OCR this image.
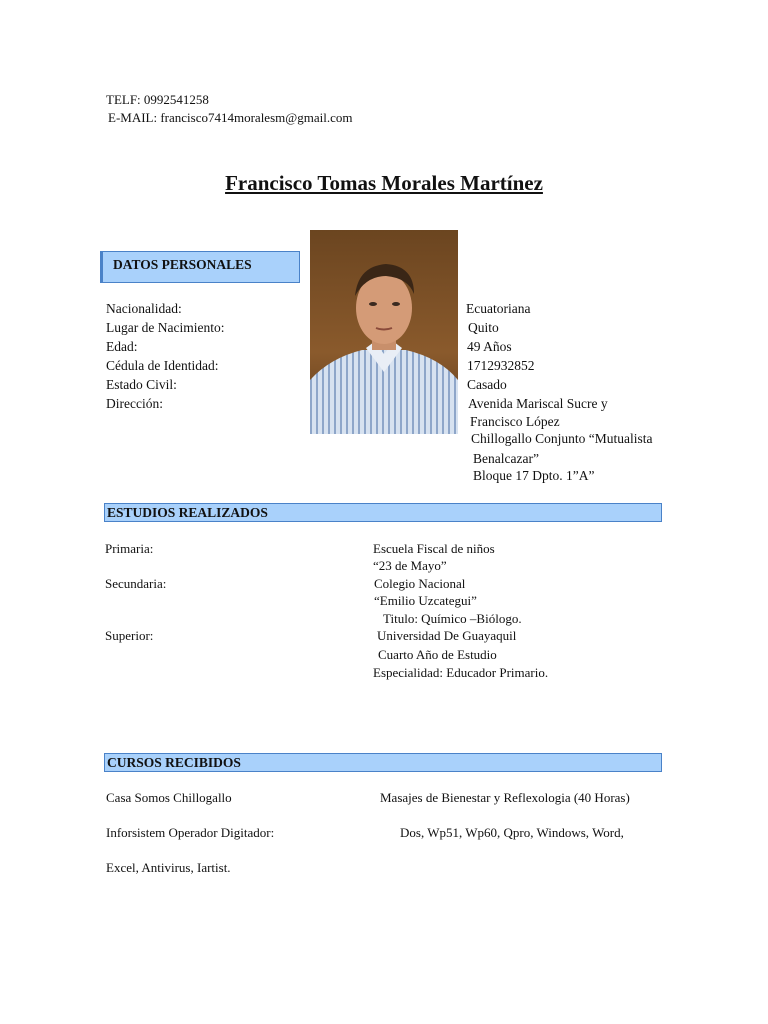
TELF: 0992541258
E-MAIL: francisco7414moralesm@gmail.com
Francisco Tomas Morales Martínez
DATOS PERSONALES
Nacionalidad:
Lugar de Nacimiento:
Edad:
Cédula de Identidad:
Estado Civil:
Dirección:
Ecuatoriana
Quito
49 Años
1712932852
Casado
Avenida Mariscal Sucre y
Francisco López
Chillogallo Conjunto “Mutualista
Benalcazar”
Bloque 17 Dpto. 1”A”
ESTUDIOS REALIZADOS
Primaria:
Secundaria:
Superior:
Escuela Fiscal de niños
“23 de Mayo”
Colegio Nacional
“Emilio Uzcategui”
Titulo: Químico –Biólogo.
Universidad De Guayaquil
Cuarto Año de Estudio
Especialidad: Educador Primario.
CURSOS RECIBIDOS
Casa Somos Chillogallo	Masajes de Bienestar y Reflexologia (40 Horas)
Inforsistem Operador Digitador:	Dos, Wp51, Wp60, Qpro, Windows, Word,
Excel, Antivirus, Iartist.
